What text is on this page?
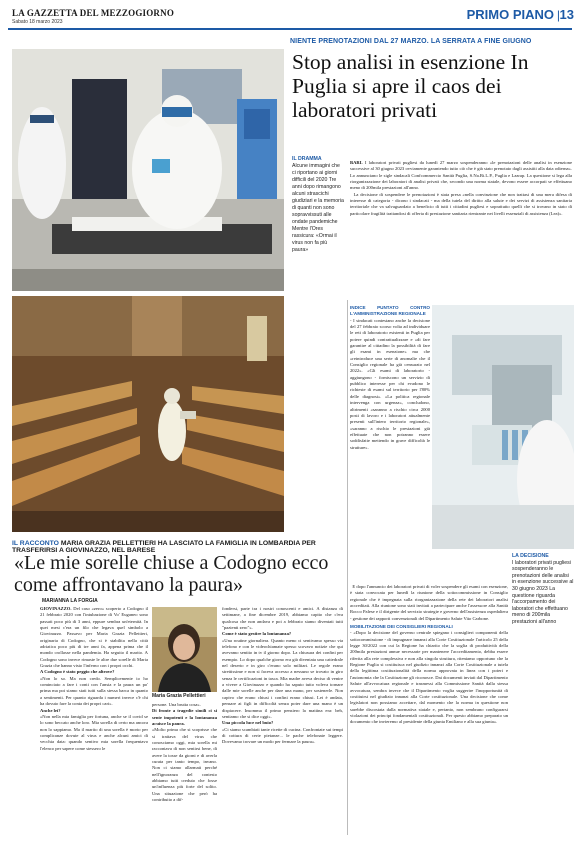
LA GAZZETTA DEL MEZZOGIORNO
Sabato 18 marzo 2023	PRIMO PIANO | 13
NIENTE PRENOTAZIONI DAL 27 MARZO. LA SERRATA A FINE GIUGNO
Stop analisi in esenzione In Puglia si apre il caos dei laboratori privati
IL DRAMMA
Alcune immagini che ci riportano ai giorni difficili del 2020 Tre anni dopo rimangono alcuni strascichi giudiziari e la memoria di quanti non sono sopravvissuti alle ondate pandemiche Mentre l'Ores rassicura: «Ormai il virus non fa più paura»

BARI. I laboratori privati pugliesi da lunedì 27 marzo sospenderanno «le prenotazioni delle analisi in esenzione successive al 30 giugno 2023 ovviamente garantendo tutto ciò che è già stato prenotato dagli assistiti alla data odierna». Lo annunciano le sigle sindacali Confcommercio Sanità Puglia, S.Na.Bi.L.P., Puglia e Lazrap. La questione si lega alla riorganizzazione dei laboratori di analisi privati che, secondo una norma statale, devono essere accorpati se effettuano meno di 200mila prestazioni all'anno.

La decisione di sospendere le prenotazioni è stata presa «nella convinzione che non trattasi di una mera difesa di interesse di categoria - dicono i sindacati - ma della tutela del diritto alla salute e dei servizi di assistenza sanitaria territoriale che va salvaguardato a beneficio di tutti i cittadini pugliesi e soprattutto quelli che si trovano in stato di particolare fragilità trattandosi di offerta di prestazione sanitaria rientrante nei livelli essenziali di assistenza (Lea)».

INDICE PUNTATO CONTRO L'AMMINISTRAZIONE REGIONALE

- I sindacati contestano anche la decisione del 27 febbraio scorso volta ad individuare le reti di laboratorio esistenti in Puglia per potere quindi contrattualizzare e «di fare garantire al cittadino la possibilità di fare gli esami in esenzione» ma che «reintroduce una serie di anomalie che il Consiglio regionale ha già censurato nel 2022». «Gli esami di laboratorio - aggiungono - forniscono un servizio di pubblico interesse per chi evadono le richieste di esami sul territorio per l'80% delle diagnosi». «La politica regionale intervenga con urgenza», concludono, altrimenti «saranno a rischio circa 2000 posti di lavoro e i laboratori attualmente presenti sull'intero territorio regionale», «saranno a rischio le prestazioni già effettuate che non potranno essere soddisfatte mettendo in grave difficoltà le strutture».

LA DECISIONE
I laboratori privati pugliesi sospenderanno le prenotazioni delle analisi in esenzione successive al 30 giugno 2023 La questione riguarda l'accorpamento dei laboratori che effettuano meno di 200mila prestazioni all'anno

E dopo l'annuncio dei laboratori privati di voler sospendere gli esami con esenzione, è stata convocata per lunedì la riunione della sottocommissione in Consiglio regionale che è impegnata sulla riorganizzazione della rete dei laboratori analisi accreditati. Alla riunione sono stati invitati a partecipare anche l'assessore alla Sanità Rocco Palese e il dirigente del servizio strategie e governo dell'assistenza ospedaliera - gestione dei rapporti convenzionali del Dipartimento Salute Vito Carbone.

MOBILITAZIONE DEI CONSIGLIERI REGIONALI

- «Dopo la decisione del governo centrale spiegano i consiglieri componenti della sottocommissione - di impugnare innanzi alla Corte Costituzionale l'articolo 25 della legge 30/2022 con cui la Regione ha chiarito che la soglia di produttività della 200mila prestazioni annue necessarie per mantenere l'accreditamento, debba essere riferita alla rete complessiva e non alla singola struttura, riteniamo opportuno che la Regione Puglia si costituisca nel giudizio innanzi alla Corte Costituzionale a tutela della legittima costituzionalità della norma approvata in linea con i poteri e l'autonomia che la Costituzione gli riconosce. Dai documenti inviati dal Dipartimento Salute all'avvocatura regionale e trasmessi alla Commissione Sanità dalla stessa avvocatura, sembra invece che il Dipartimento voglia suggerire l'inopportunità di costituirsi nel giudizio innanzi alla Corte costituzionale. Una decisione che come legislatori non possiamo accettare, dal momento che la norma in questione non sarebbe discostata dalla normativa statale e, pertanto, non sembrano configurarsi violazioni dei principi fondamentali costituzionali. Per questo abbiamo preparato un documento che invieremo al presidente della giunta Emiliano e alla sua giunta».

IL RACCONTO MARIA GRAZIA PELLETTIERI HA LASCIATO LA FAMIGLIA IN LOMBARDIA PER TRASFERIRSI A GIOVINAZZO, NEL BARESE
«Le mie sorelle chiuse a Codogno ecco come affrontavano la paura»
MARIANNA LA FORGIA

GIOVINAZZO. Del caso «zero» scoperto a Codogno il 21 febbraio 2020 con l'intubazione di Vo' Euganeo sono passati poco più di 3 anni, eppure sembra un'eternità. In quei mesi c'era un filo che legava quel simbolo a Giovinazzo. Passavo per Maria Grazia Pellettieri, originaria di Codogno, che si è stabilita nella città adriatica poco più di tre anni fa, appena prima che il mondo crollasse nella pandemia. Ha seguito il marito. A Codogno sono invece rimaste le altre due sorelle di Maria Grazia che hanno visto l'inferno con i propri occhi.

A Codogno è stato peggio che altrove?

«Non lo so. Ma non credo. Semplicemente io ho cominciato a fare i conti con l'ansia e la paura un po' prima ma poi siamo stati tutti sulla stessa barca in quanto a sentimenti. Per quanto riguarda i numeri invece c'è chi ha dovuto fare la conta dei propri cari».

Anche lei?

«Non nella mia famiglia per fortuna, anche se il covid se lo sono beccato anche loro. Mia sorella di certo ma ancora non lo sappiamo. Ma il marito di una sorella è morto per complicanze dovute al virus e anche alcuni amici di vecchia data: quando sentivo mia sorella frequentavo l'elenco per sapere come stessero le

Maria Grazia Pellettieri

persone. Una brutta cosa».

Di fronte a tragedie simili ci si sente impotenti e la lontananza acuisce la paura.

«Molto prima che si scoprisse che si trattava del virus che conosciamo oggi, mia sorella mi raccontava di non sentirsi bene, di avere la tosse da giorni e di averla curata per tanto tempo, invano. Non ci siamo allarmati perché nell'ignoranza del contesto abbiamo tutti creduto che fosse un'influenza più forte del solito. Una situazione che però ha contribuito a dif-

fondersi, parte tra i nostri conoscenti e amici. A distanza di settimane, a fine dicembre 2019, abbiamo capito che c'era qualcosa che non andava e poi a febbraio siamo diventati tutti "pazienti zero"».

Come è stato gestire la lontananza?

«Una routine giornaliera. Quanto meno ci sentivamo spesso via telefono e con le videochiamate spesso scovavo notizie che qui avevamo sentito in tv il giorno dopo. La chiusura dei confini per esempio. Lo dopo qualche giorno era già diventata una cattedrale nel deserto e in giro c'erano solo militari. Le regole erano strettissime e non si faceva accesso a nessuno se trovato in giro senza le certificazioni in tasca. Mia madre aveva deciso di venire a vivere a Giovinazzo e quando ha saputo tutto voleva tornare dalle mie sorelle anche per dare una mano, per sostenerle. Non capivo che erano chiusi i confini erano chiusi. Lei è andata, pensare ai figli in difficoltà senza poter dare una mano è un dispiacere. Insomma il primo pensiero la mattina era: beh, sentiamo che si dice oggi».

Una piccola luce nel buio?

«Ci siamo scambiati tante ricette di cucina. Confrontate sui tempi di cottura di certe pietanze... le pache telefonate leggere. Dovevamo trovare un modo per fermare la paura».
